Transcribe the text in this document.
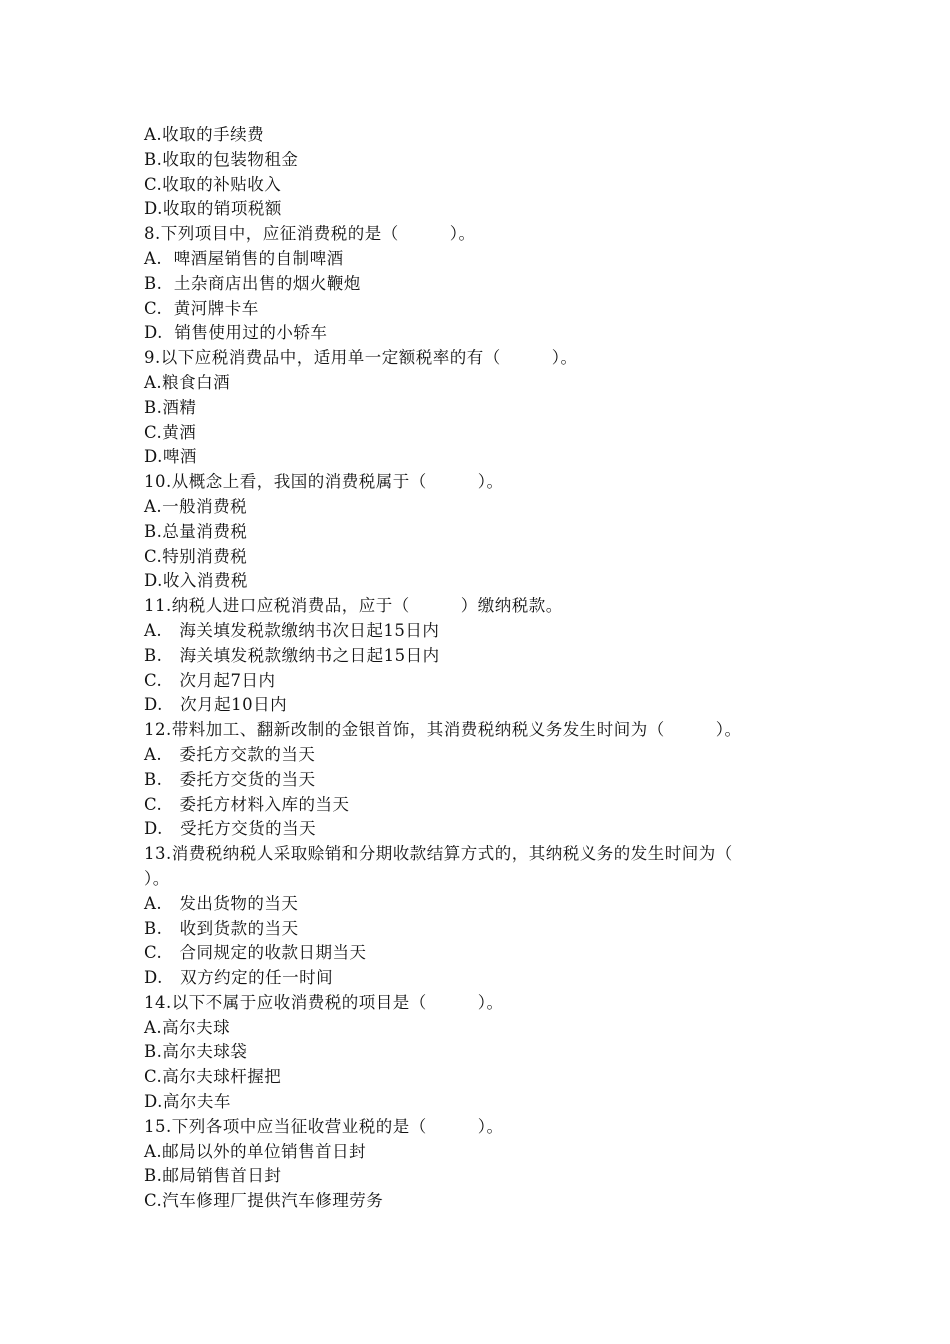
A.收取的手续费
B.收取的包装物租金
C.收取的补贴收入
D.收取的销项税额
8.下列项目中，应征消费税的是（　　　）。
A.  啤酒屋销售的自制啤酒
B.  土杂商店出售的烟火鞭炮
C.  黄河牌卡车
D.  销售使用过的小轿车
9.以下应税消费品中，适用单一定额税率的有（　　　）。
A.粮食白酒
B.酒精
C.黄酒
D.啤酒
10.从概念上看，我国的消费税属于（　　　）。
A.一般消费税
B.总量消费税
C.特别消费税
D.收入消费税
11.纳税人进口应税消费品，应于（　　　）缴纳税款。
A.   海关填发税款缴纳书次日起15日内
B.   海关填发税款缴纳书之日起15日内
C.   次月起7日内
D.   次月起10日内
12.带料加工、翻新改制的金银首饰，其消费税纳税义务发生时间为（　　　）。
A.   委托方交款的当天
B.   委托方交货的当天
C.   委托方材料入库的当天
D.   受托方交货的当天
13.消费税纳税人采取赊销和分期收款结算方式的，其纳税义务的发生时间为（
）。
A.   发出货物的当天
B.   收到货款的当天
C.   合同规定的收款日期当天
D.   双方约定的任一时间
14.以下不属于应收消费税的项目是（　　　）。
A.高尔夫球
B.高尔夫球袋
C.高尔夫球杆握把
D.高尔夫车
15.下列各项中应当征收营业税的是（　　　）。
A.邮局以外的单位销售首日封
B.邮局销售首日封
C.汽车修理厂提供汽车修理劳务
